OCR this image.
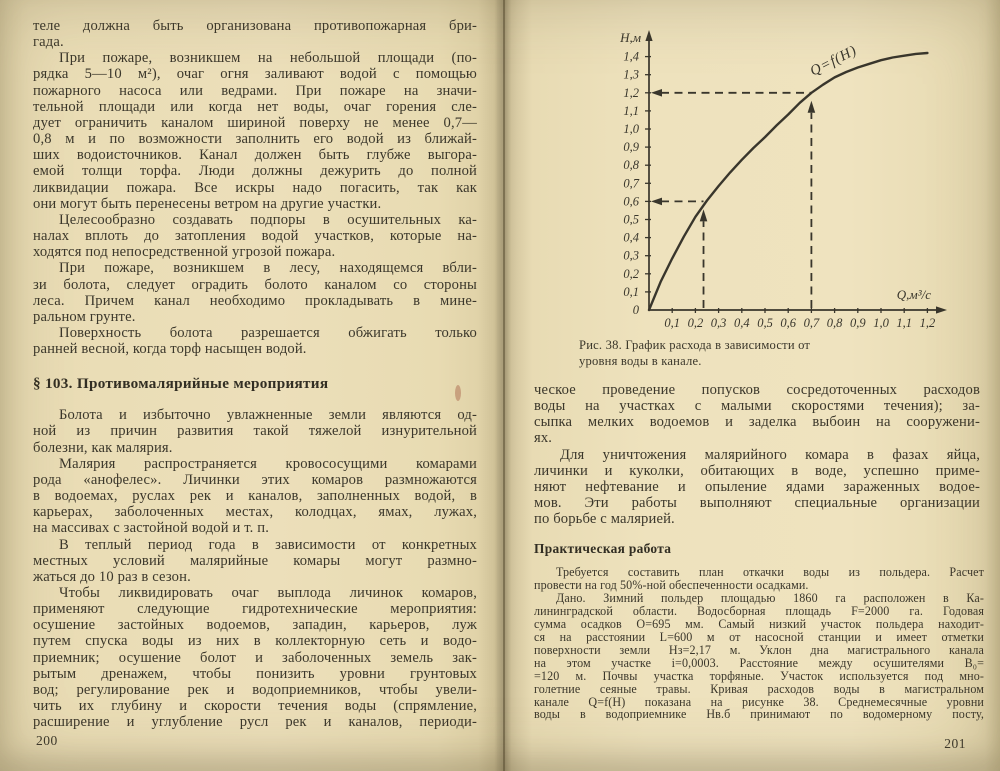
теле должна быть организована противопожарная бри-
гада.
При пожаре, возникшем на небольшой площади (по-
рядка 5—10 м²), очаг огня заливают водой с помощью
пожарного насоса или ведрами. При пожаре на значи-
тельной площади или когда нет воды, очаг горения сле-
дует ограничить каналом шириной поверху не менее 0,7—
0,8 м и по возможности заполнить его водой из ближай-
ших водоисточников. Канал должен быть глубже выгора-
емой толщи торфа. Люди должны дежурить до полной
ликвидации пожара. Все искры надо погасить, так как
они могут быть перенесены ветром на другие участки.
Целесообразно создавать подпоры в осушительных ка-
налах вплоть до затопления водой участков, которые на-
ходятся под непосредственной угрозой пожара.
При пожаре, возникшем в лесу, находящемся вбли-
зи болота, следует оградить болото каналом со стороны
леса. Причем канал необходимо прокладывать в мине-
ральном грунте.
Поверхность болота разрешается обжигать только
ранней весной, когда торф насыщен водой.
§ 103. Противомалярийные мероприятия
Болота и избыточно увлажненные земли являются од-
ной из причин развития такой тяжелой изнурительной
болезни, как малярия.
Малярия распространяется кровососущими комарами
рода «анофелес». Личинки этих комаров размножаются
в водоемах, руслах рек и каналов, заполненных водой, в
карьерах, заболоченных местах, колодцах, ямах, лужах,
на массивах с застойной водой и т. п.
В теплый период года в зависимости от конкретных
местных условий малярийные комары могут размно-
жаться до 10 раз в сезон.
Чтобы ликвидировать очаг выплода личинок комаров,
применяют следующие гидротехнические мероприятия:
осушение застойных водоемов, западин, карьеров, луж
путем спуска воды из них в коллекторную сеть и водо-
приемник; осушение болот и заболоченных земель зак-
рытым дренажем, чтобы понизить уровни грунтовых
вод; регулирование рек и водоприемников, чтобы увели-
чить их глубину и скорости течения воды (спрямление,
расширение и углубление русл рек и каналов, периоди-
200
Н,м
Q,м³/с
0
0,1
0,2
0,3
0,4
0,5
0,6
0,7
0,8
0,9
1,0
1,1
1,2
1,3
1,4
0,1 0,2 0,3 0,4 0,5 0,6 0,7 0,8 0,9 1,0 1,1 1,2
Q=f(H)
Рис. 38. График расхода в зависимости от
уровня воды в канале.
ческое проведение попусков сосредоточенных расходов
воды на участках с малыми скоростями течения); за-
сыпка мелких водоемов и заделка выбоин на сооружени-
ях.
Для уничтожения малярийного комара в фазах яйца,
личинки и куколки, обитающих в воде, успешно приме-
няют нефтевание и опыление ядами зараженных водое-
мов. Эти работы выполняют специальные организации
по борьбе с малярией.
Практическая работа
Требуется составить план откачки воды из польдера. Расчет
провести на год 50%-ной обеспеченности осадками.
Дано. Зимний польдер площадью 1860 га расположен в Ка-
лининградской области. Водосборная площадь F=2000 га. Годовая
сумма осадков О=695 мм. Самый низкий участок польдера находит-
ся на расстоянии L=600 м от насосной станции и имеет отметки
поверхности земли Нз=2,17 м. Уклон дна магистрального канала
на этом участке i=0,0003. Расстояние между осушителями В₀=
=120 м. Почвы участка торфяные. Участок используется под мно-
голетние сеяные травы. Кривая расходов воды в магистральном
канале Q=f(H) показана на рисунке 38. Среднемесячные уровни
воды в водоприемнике Нв.б принимают по водомерному посту,
201
